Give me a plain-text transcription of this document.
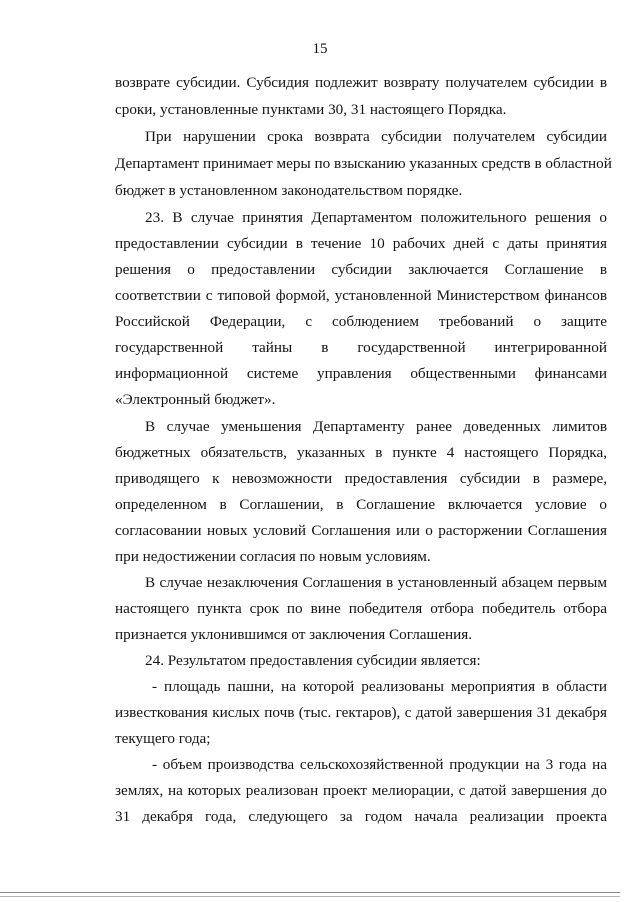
15
возврате субсидии. Субсидия подлежит возврату получателем субсидии в
сроки, установленные пунктами 30, 31 настоящего Порядка.
При нарушении срока возврата субсидии получателем субсидии
Департамент принимает меры по взысканию указанных средств в областной
бюджет в установленном законодательством порядке.
23. В случае принятия Департаментом положительного решения о
предоставлении субсидии в течение 10 рабочих дней с даты принятия
решения о предоставлении субсидии заключается Соглашение в
соответствии с типовой формой, установленной Министерством финансов
Российской Федерации, с соблюдением требований о защите
государственной тайны в государственной интегрированной
информационной системе управления общественными финансами
«Электронный бюджет».
В случае уменьшения Департаменту ранее доведенных лимитов
бюджетных обязательств, указанных в пункте 4 настоящего Порядка,
приводящего к невозможности предоставления субсидии в размере,
определенном в Соглашении, в Соглашение включается условие о
согласовании новых условий Соглашения или о расторжении Соглашения
при недостижении согласия по новым условиям.
В случае незаключения Соглашения в установленный абзацем первым
настоящего пункта срок по вине победителя отбора победитель отбора
признается уклонившимся от заключения Соглашения.
24. Результатом предоставления субсидии является:
- площадь пашни, на которой реализованы мероприятия в области
известкования кислых почв (тыс. гектаров), с датой завершения 31 декабря
текущего года;
- объем производства сельскохозяйственной продукции на 3 года на
землях, на которых реализован проект мелиорации, с датой завершения до
31 декабря года, следующего за годом начала реализации проекта
